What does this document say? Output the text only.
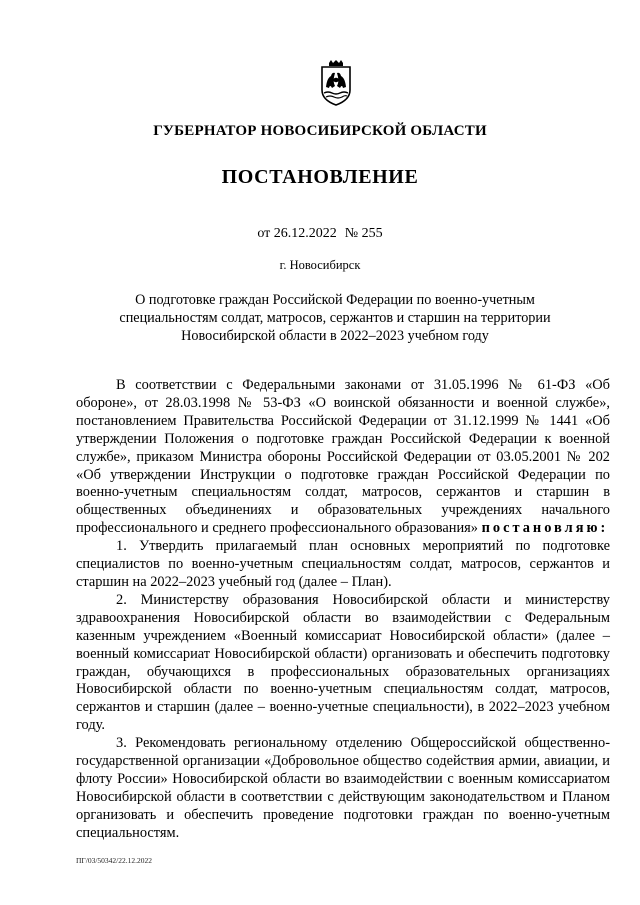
ГУБЕРНАТОР НОВОСИБИРСКОЙ ОБЛАСТИ
ПОСТАНОВЛЕНИЕ
от 26.12.2022 № 255
г. Новосибирск
О подготовке граждан Российской Федерации по военно-учетным специальностям солдат, матросов, сержантов и старшин на территории Новосибирской области в 2022–2023 учебном году

В соответствии с Федеральными законами от 31.05.1996 № 61-ФЗ «Об обороне», от 28.03.1998 № 53-ФЗ «О воинской обязанности и военной службе», постановлением Правительства Российской Федерации от 31.12.1999 № 1441 «Об утверждении Положения о подготовке граждан Российской Федерации к военной службе», приказом Министра обороны Российской Федерации от 03.05.2001 № 202 «Об утверждении Инструкции о подготовке граждан Российской Федерации по военно-учетным специальностям солдат, матросов, сержантов и старшин в общественных объединениях и образовательных учреждениях начального профессионального и среднего профессионального образования» постановляю:

1. Утвердить прилагаемый план основных мероприятий по подготовке специалистов по военно-учетным специальностям солдат, матросов, сержантов и старшин на 2022–2023 учебный год (далее – План).

2. Министерству образования Новосибирской области и министерству здравоохранения Новосибирской области во взаимодействии с Федеральным казенным учреждением «Военный комиссариат Новосибирской области» (далее – военный комиссариат Новосибирской области) организовать и обеспечить подготовку граждан, обучающихся в профессиональных образовательных организациях Новосибирской области по военно-учетным специальностям солдат, матросов, сержантов и старшин (далее – военно-учетные специальности), в 2022–2023 учебном году.

3. Рекомендовать региональному отделению Общероссийской общественно-государственной организации «Добровольное общество содействия армии, авиации, и флоту России» Новосибирской области во взаимодействии с военным комиссариатом Новосибирской области в соответствии с действующим законодательством и Планом организовать и обеспечить проведение подготовки граждан по военно-учетным специальностям.

ПГ/03/50342/22.12.2022
